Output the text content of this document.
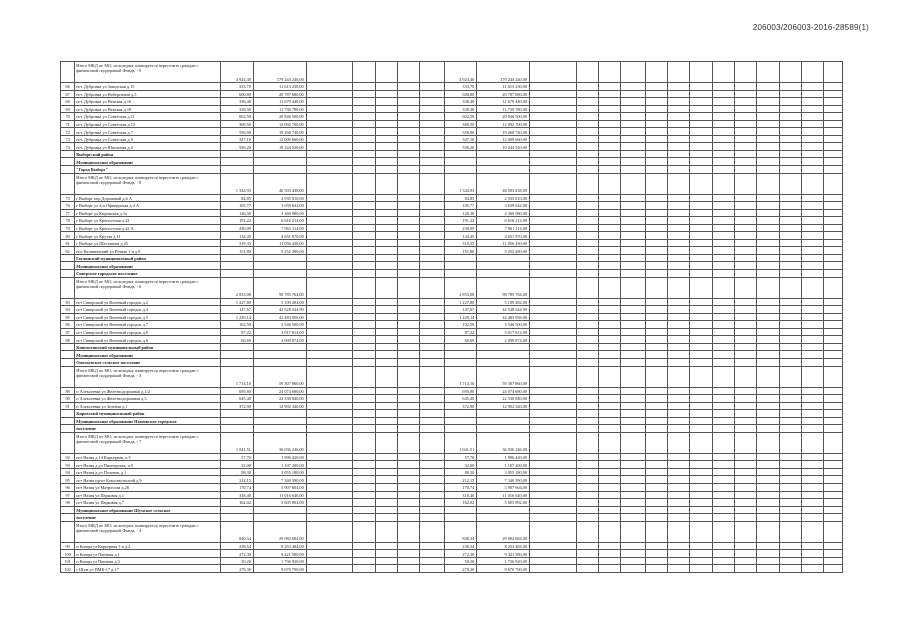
206003/206003-2016-28589(1)
	Итого МКД по МО, из которых планируется переселить граждан с финансовой поддержкой Фонда, - 9	4 924,40	179 244 240,00						4 924,40	179 244 240,00													
66	пгт. Дубровка ул Заводская д.15	333,70	11 613 230,00						333,70	11 613 230,00													
67	пгт. Дубровка ул Набережная д.5	600,80	20 787 680,00						600,80	20 787 680,00													
68	пгт. Дубровка ул Невская д.16	336,40	11 679 440,00						336,40	11 679 440,00													
69	пгт. Дубровка ул Невская д.18	339,30	11 739 780,00						339,30	11 739 780,00													
70	пгт. Дубровка ул Советская д.11	602,50	20 846 500,00						602,50	20 846 500,00													
71	пгт. Дубровка ул Советская д.13	369,50	12 092 700,00						369,50	12 092 700,00													
72	пгт. Дубровка ул Советская д.7	556,90	19 268 740,00						556,90	19 268 740,00													
73	пгт. Дубровка ул Советская д.9	347,10	12 009 660,00						347,10	12 009 660,00													
74	пгт. Дубровка ул Школьная д.2	556,20	19 244 520,00						556,20	19 244 520,00													
	Выборгский район																						
	Муниципальное образование																						
	"Город Выборг"																						
	Итого МКД по МО, из которых планируется переселить граждан с финансовой поддержкой Фонда, - 8	1 344,93	46 503 438,00						1 344,93	46 503 438,00													
75	г Выборг пер Дорожный д.6 А	84,85	2 935 810,00						84,85	2 935 810,00													
76	г Выборг ул 4-я Офицерская д.4 А	105,77	3 659 642,00						105,77	3 659 642,00													
77	г Выборг ул Кировская д.1а	126,30	4 369 980,00						126,30	4 369 980,00													
78	г Выборг ул Крепостная д.42	191,22	6 616 212,00						191,22	6 616 212,00													
79	г Выборг ул Крепостная д.42 А	230,09	7 961 114,00						230,09	7 961 114,00													
80	г Выборг ул Крутая д.11	134,45	4 651 970,00						134,45	4 651 970,00													
81	г Выборг ул Шестакова д.25	319,35	11 056 430,00						319,35	11 056 430,00													
82	пос Калининский ул Речная 1-я д.9	151,80	5 252 280,00						151,80	5 252 280,00													
	Гатчинский муниципальный район																						
	Муниципальное образование																						
	Сиверское городское поселение																						
	Итого МКД по МО, из которых планируется переселить граждан с финансовой поддержкой Фонда, - 6	2 853,08	98 785 764,00						2 853,08	98 785 764,00													
83	пгт Сиверский ул Военный городок д.2	1 227,80	5 109 282,00						1 227,80	5 109 282,00													
84	пгт Сиверский ул Военный городок д.4	147,67	42 528 244,99						147,67	42 528 244,99													
85	пгт Сиверский ул Военный городок д.5	1 229,14	42 483 956,00						1 229,14	42 483 956,00													
86	пгт Сиверский ул Военный городок д.7	102,50	3 546 500,00						102,50	3 546 500,00													
87	пгт Сиверский ул Военный городок д.8	87,22	3 017 812,00						87,22	3 017 812,00													
88	пгт Сиверский ул Военный городок д.6	60,69	2 099 874,00						60,69	2 099 874,00													
	Кингисеппский муниципальный район																						
	Муниципальное образование																						
	Опольевское сельское поселение																						
	Итого МКД по МО, из которых планируется переселить граждан с финансовой поддержкой Фонда, - 3	1 714,10	59 307 860,00						1 714,10	59 307 860,00													
89	п Алексеевка ул Железнодорожная д.1/2	695,80	24 074 680,00						695,80	24 074 680,00													
90	п Алексеевка ул Железнодорожная д.5	645,40	22 330 840,00						645,40	22 330 840,00													
91	п Алексеевка ул Зеленая д.1	372,90	12 902 340,00						372,90	12 902 340,00													
	Кировский муниципальный район																						
	Муниципальное образование Назиевское городское																						
	поселение																						
	Итого МКД по МО, из которых планируется переселить граждан с финансовой поддержкой Фонда, - 7	1 041,51	36 036 246,00						1 041,51	36 036 246,00													
92	пгт Назия д.14 Карьерная, п.5	57,70	1 996 420,00						57,70	1 996 420,00													
93	пгт Назия д.ул Пионерская, п.9	32,00	1 107 200,00						32,00	1 107 200,00													
94	пгт Назия д.ул Полевая, д.1	88,30	3 055 180,00						88,30	3 055 180,00													
95	пгт Назия пр-кт Комсомольский д.9	212,15	7 340 390,00						212,15	7 340 390,00													
96	пгт Назия ул Матросова д.26	170,74	5 907 604,00						170,74	5 907 604,00													
97	пгт Назия ул Парковая д.1	318,40	11 016 640,00						318,40	11 016 640,00													
98	пгт Назия ул Парковая д.7	162,02	5 605 892,00						162,02	5 605 892,00													
	Муниципальное образование Шумское сельское																						
	поселение																						
	Итого МКД по МО, из которых планируется переселить граждан с финансовой поддержкой Фонда, - 4	840,34	29 082 684,00						840,34	29 082 684,00													
99	п Концы ул Карьерная 1-я д.2	238,54	8 253 484,00						238,54	8 253 484,00													
100	п Концы ул Паечная д.1	272,30	9 421 580,00						272,30	9 421 580,00													
101	п Концы ул Паечная д.3	50,20	1 736 920,00						50,20	1 736 920,00													
102	с Шум ул ПМК-17 д.17	279,30	9 670 700,00						279,30	9 670 700,00													
